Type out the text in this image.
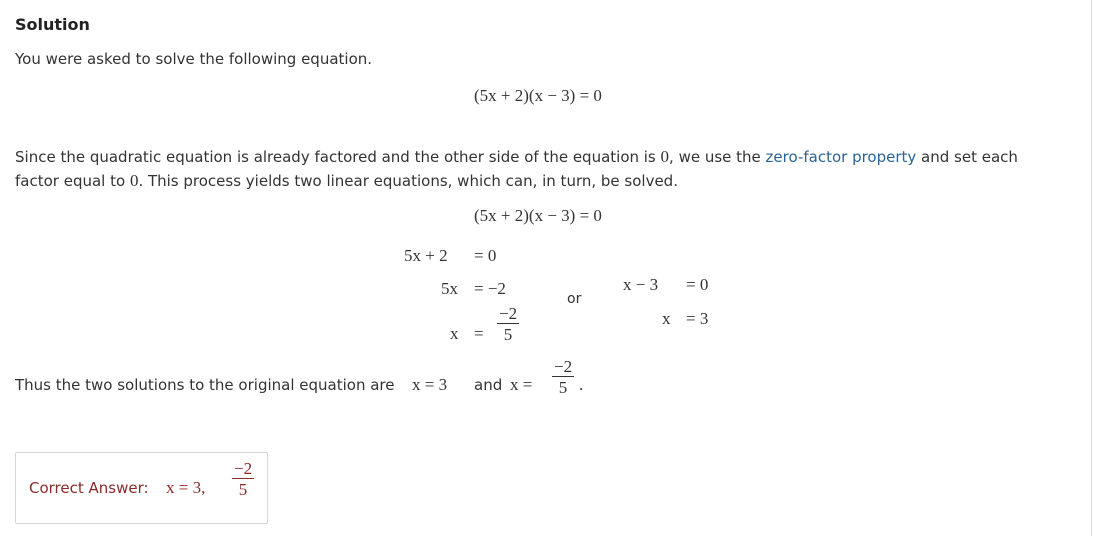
Solution
You were asked to solve the following equation.
(5x + 2)(x − 3) = 0
Since the quadratic equation is already factored and the other side of the equation is 0, we use the zero-factor property and set each
factor equal to 0. This process yields two linear equations, which can, in turn, be solved.
(5x + 2)(x − 3) = 0
5x + 2 = 0
5x = −2
$x = \frac{-2}{5}$
or
x − 3 = 0
x = 3
Thus the two solutions to the original equation are x = 3 and $x = \frac{-2}{5}$ .
Correct Answer: x = 3, $\frac{-2}{5}$
